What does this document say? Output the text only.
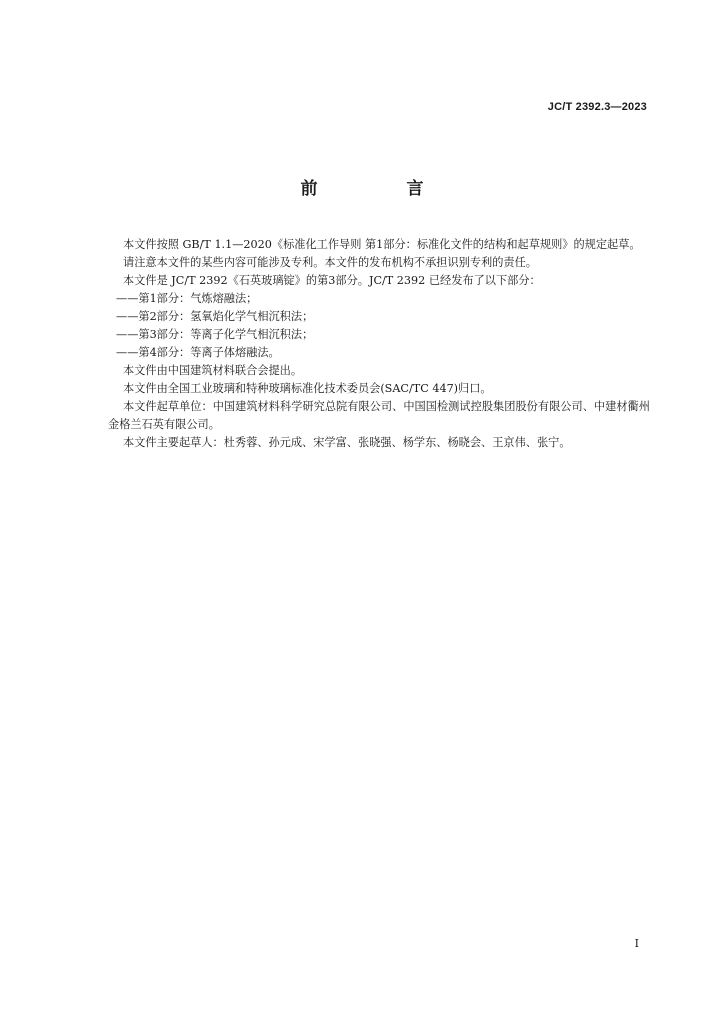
JC/T 2392.3—2023
前　言

本文件按照 GB/T 1.1—2020《标准化工作导则 第1部分：标准化文件的结构和起草规则》的规定起草。

请注意本文件的某些内容可能涉及专利。本文件的发布机构不承担识别专利的责任。

本文件是 JC/T 2392《石英玻璃锭》的第3部分。JC/T 2392 已经发布了以下部分：

——第1部分：气炼熔融法；

——第2部分：氢氧焰化学气相沉积法；

——第3部分：等离子化学气相沉积法；

——第4部分：等离子体熔融法。

本文件由中国建筑材料联合会提出。

本文件由全国工业玻璃和特种玻璃标准化技术委员会(SAC/TC 447)归口。

本文件起草单位：中国建筑材料科学研究总院有限公司、中国国检测试控股集团股份有限公司、中建材衢州金格兰石英有限公司。

本文件主要起草人：杜秀蓉、孙元成、宋学富、张晓强、杨学东、杨晓会、王京伟、张宁。

I
